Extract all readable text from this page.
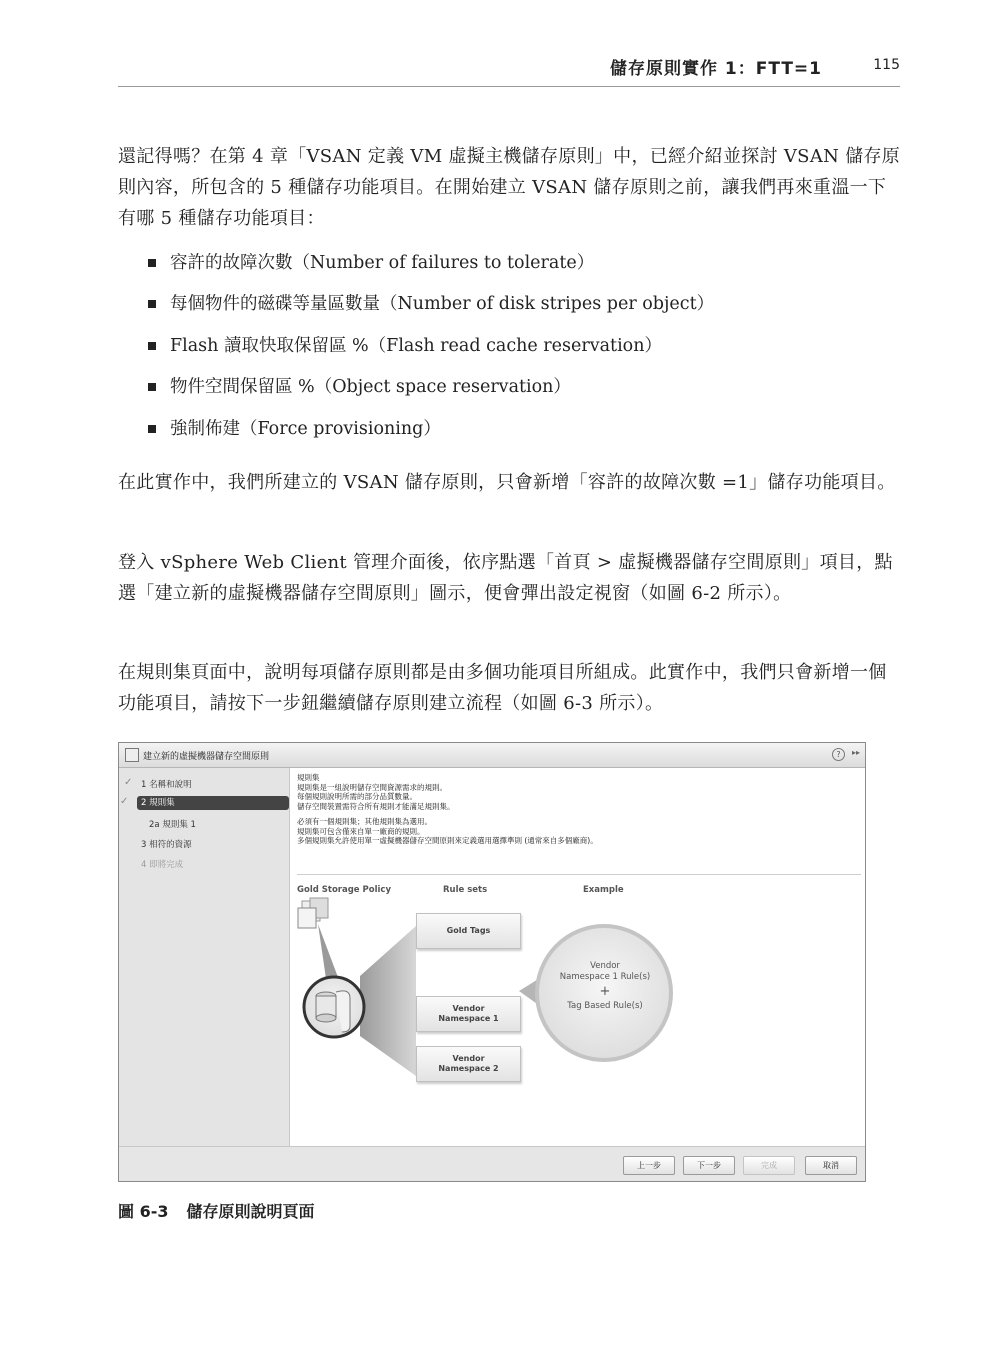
儲存原則實作 1：FTT=1	115

還記得嗎？在第 4 章「VSAN 定義 VM 虛擬主機儲存原則」中，已經介紹並探討 VSAN 儲存原則內容，所包含的 5 種儲存功能項目。在開始建立 VSAN 儲存原則之前，讓我們再來重溫一下有哪 5 種儲存功能項目：

容許的故障次數（Number of failures to tolerate）
每個物件的磁碟等量區數量（Number of disk stripes per object）
Flash 讀取快取保留區 %（Flash read cache reservation）
物件空間保留區 %（Object space reservation）
強制佈建（Force provisioning）

在此實作中，我們所建立的 VSAN 儲存原則，只會新增「容許的故障次數 =1」儲存功能項目。

登入 vSphere Web Client 管理介面後，依序點選「首頁 > 虛擬機器儲存空間原則」項目，點選「建立新的虛擬機器儲存空間原則」圖示，便會彈出設定視窗（如圖 6-2 所示）。

在規則集頁面中，說明每項儲存原則都是由多個功能項目所組成。此實作中，我們只會新增一個功能項目，請按下一步鈕繼續儲存原則建立流程（如圖 6-3 所示）。

建立新的虛擬機器儲存空間原則	?	▸▸
✓ 1 名稱和說明
✓ 2 規則集
2a 規則集 1
3 相符的資源
4 即將完成
規則集
規則集是一組說明儲存空間資源需求的規則。
每個規則說明所需的部分品質數量。
儲存空間裝置需符合所有規則才能滿足規則集。
必須有一個規則集；其他規則集為選用。
規則集可包含僅來自單一廠商的規則。
多個規則集允許使用單一虛擬機器儲存空間原則來定義選用選擇準則 (通常來自多個廠商)。
Gold Storage Policy	Rule sets	Example
Gold Tags
Vendor
Namespace 1
Vendor
Namespace 2
Vendor
Namespace 1 Rule(s)
+
Tag Based Rule(s)
上一步	下一步	完成	取消
圖 6-3 儲存原則說明頁面
